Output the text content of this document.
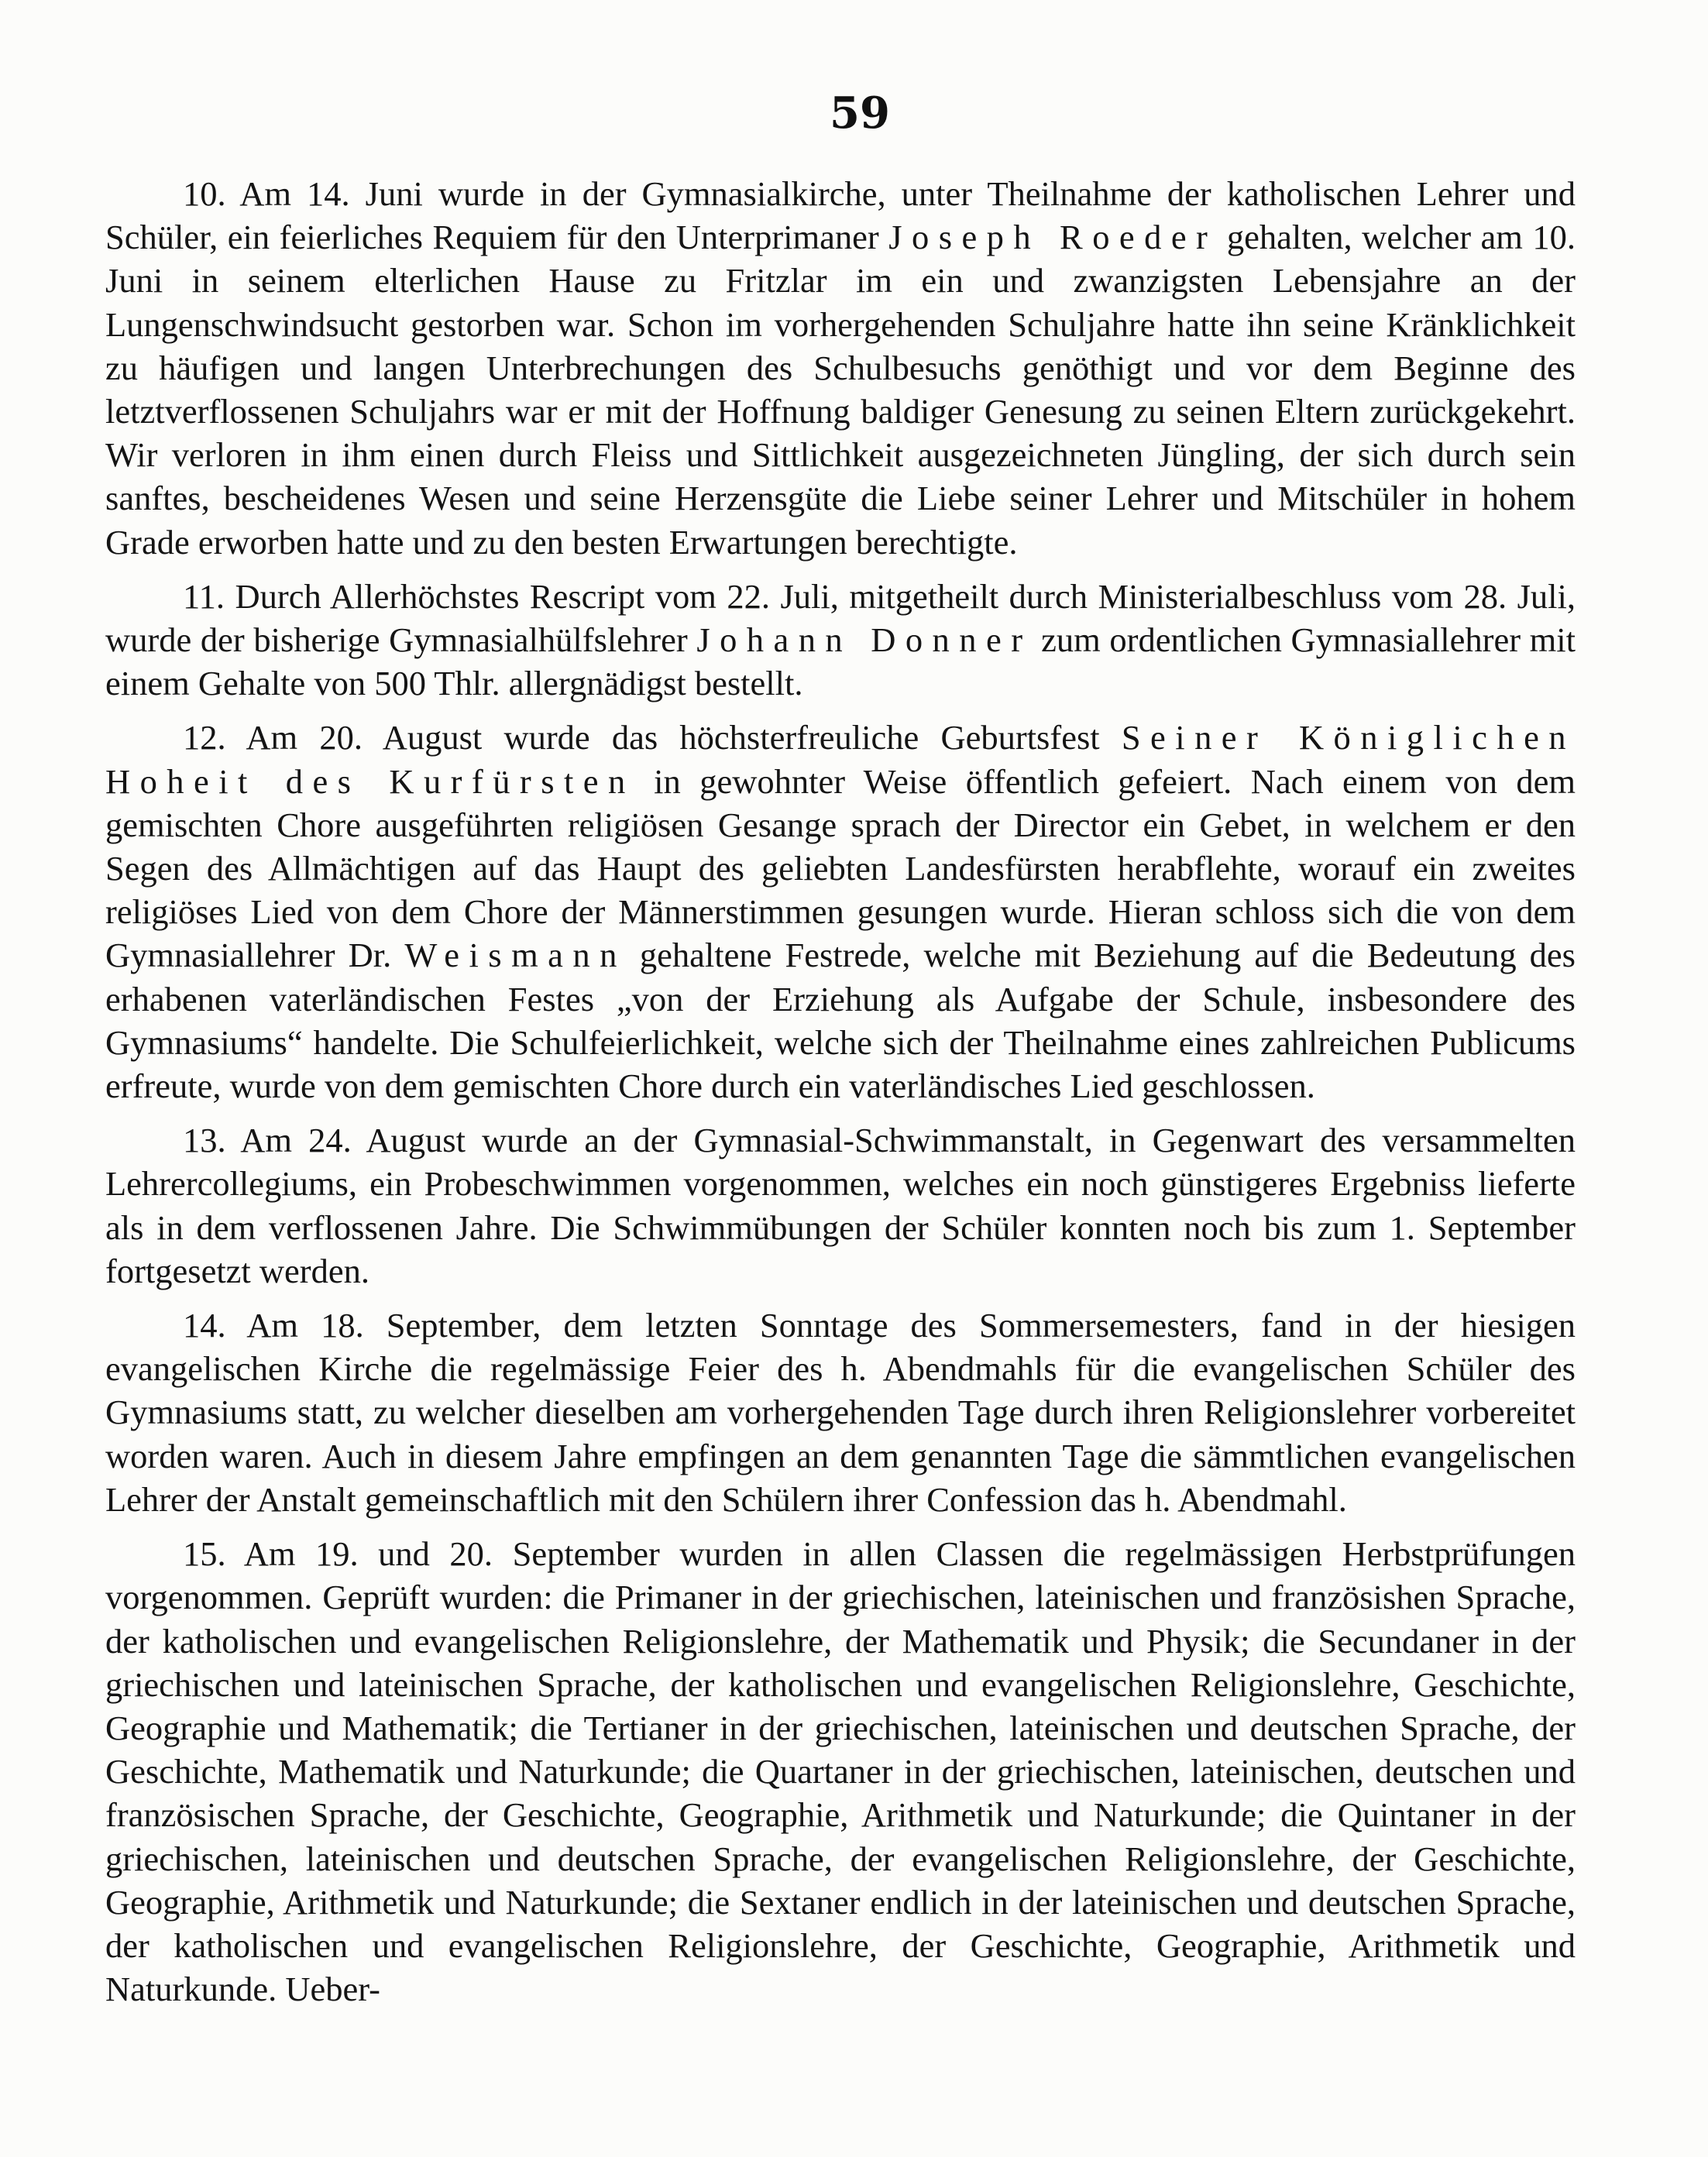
59

10. Am 14. Juni wurde in der Gymnasialkirche, unter Theilnahme der katholischen Lehrer und Schüler, ein feierliches Requiem für den Unterprimaner Joseph Roeder gehalten, welcher am 10. Juni in seinem elterlichen Hause zu Fritzlar im ein und zwanzigsten Lebensjahre an der Lungenschwindsucht gestorben war. Schon im vorhergehenden Schuljahre hatte ihn seine Kränklichkeit zu häufigen und langen Unterbrechungen des Schulbesuchs genöthigt und vor dem Beginne des letztverflossenen Schuljahrs war er mit der Hoffnung baldiger Genesung zu seinen Eltern zurückgekehrt. Wir verloren in ihm einen durch Fleiss und Sittlichkeit ausgezeichneten Jüngling, der sich durch sein sanftes, bescheidenes Wesen und seine Herzensgüte die Liebe seiner Lehrer und Mitschüler in hohem Grade erworben hatte und zu den besten Erwartungen berechtigte.

11. Durch Allerhöchstes Rescript vom 22. Juli, mitgetheilt durch Ministerialbeschluss vom 28. Juli, wurde der bisherige Gymnasialhülfslehrer Johann Donner zum ordentlichen Gymnasiallehrer mit einem Gehalte von 500 Thlr. allergnädigst bestellt.

12. Am 20. August wurde das höchsterfreuliche Geburtsfest Seiner Königlichen Hoheit des Kurfürsten in gewohnter Weise öffentlich gefeiert. Nach einem von dem gemischten Chore ausgeführten religiösen Gesange sprach der Director ein Gebet, in welchem er den Segen des Allmächtigen auf das Haupt des geliebten Landesfürsten herabflehte, worauf ein zweites religiöses Lied von dem Chore der Männerstimmen gesungen wurde. Hieran schloss sich die von dem Gymnasiallehrer Dr. Weismann gehaltene Festrede, welche mit Beziehung auf die Bedeutung des erhabenen vaterländischen Festes „von der Erziehung als Aufgabe der Schule, insbesondere des Gymnasiums“ handelte. Die Schulfeierlichkeit, welche sich der Theilnahme eines zahlreichen Publicums erfreute, wurde von dem gemischten Chore durch ein vaterländisches Lied geschlossen.

13. Am 24. August wurde an der Gymnasial-Schwimmanstalt, in Gegenwart des versammelten Lehrercollegiums, ein Probeschwimmen vorgenommen, welches ein noch günstigeres Ergebniss lieferte als in dem verflossenen Jahre. Die Schwimmübungen der Schüler konnten noch bis zum 1. September fortgesetzt werden.

14. Am 18. September, dem letzten Sonntage des Sommersemesters, fand in der hiesigen evangelischen Kirche die regelmässige Feier des h. Abendmahls für die evangelischen Schüler des Gymnasiums statt, zu welcher dieselben am vorhergehenden Tage durch ihren Religionslehrer vorbereitet worden waren. Auch in diesem Jahre empfingen an dem genannten Tage die sämmtlichen evangelischen Lehrer der Anstalt gemeinschaftlich mit den Schülern ihrer Confession das h. Abendmahl.

15. Am 19. und 20. September wurden in allen Classen die regelmässigen Herbstprüfungen vorgenommen. Geprüft wurden: die Primaner in der griechischen, lateinischen und französishen Sprache, der katholischen und evangelischen Religionslehre, der Mathematik und Physik; die Secundaner in der griechischen und lateinischen Sprache, der katholischen und evangelischen Religionslehre, Geschichte, Geographie und Mathematik; die Tertianer in der griechischen, lateinischen und deutschen Sprache, der Geschichte, Mathematik und Naturkunde; die Quartaner in der griechischen, lateinischen, deutschen und französischen Sprache, der Geschichte, Geographie, Arithmetik und Naturkunde; die Quintaner in der griechischen, lateinischen und deutschen Sprache, der evangelischen Religionslehre, der Geschichte, Geographie, Arithmetik und Naturkunde; die Sextaner endlich in der lateinischen und deutschen Sprache, der katholischen und evangelischen Religionslehre, der Geschichte, Geographie, Arithmetik und Naturkunde. Ueber-
